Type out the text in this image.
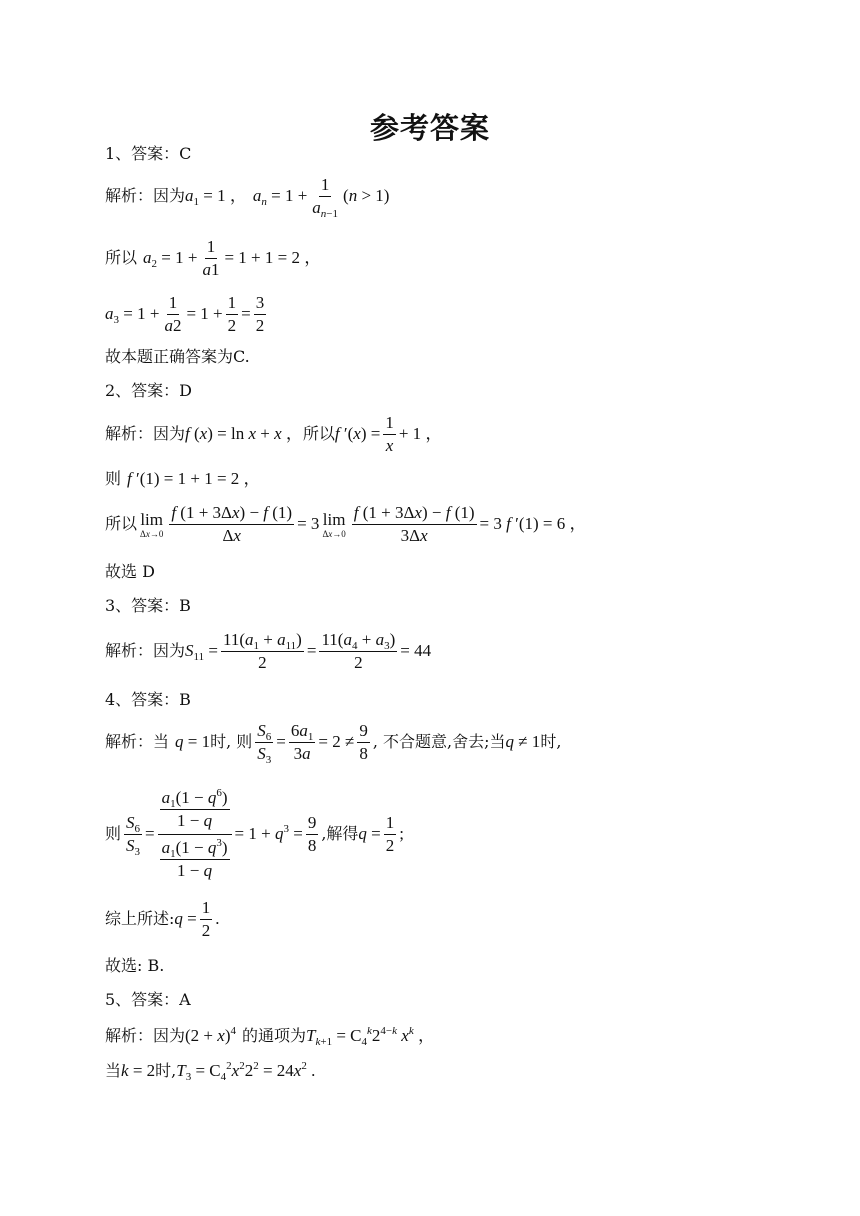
参考答案
1、答案：C
解析：因为 $a_1 = 1$ ， $a_n = 1 + \frac{1}{a_{n-1}} (n > 1)$
所以 $a_2 = 1 + \frac{1}{a1} = 1 + 1 = 2$ ，
$a_3 = 1 + \frac{1}{a2} = 1 + \frac{1}{2} = \frac{3}{2}$
故本题正确答案为C.
2、答案：D
解析：因为 f (x) = ln x + x ， 所以 f $'(x) = \frac{1}{x} + 1$ ，
则 f ′(1) = 1 + 1 = 2 ，
所以 lim
$\Delta x\to 0 \frac{f (1 + 3\Delta x) - f (1)}{\Delta x} = 3$ lim
$\Delta x\to 0 \frac{f (1 + 3\Delta x) - f (1)}{3\Delta x} = 3$ f ′(1) = 6 ，
故选 D
3、答案：B
解析：因为 $S_{11} = \frac{11(a_1 + a_{11})}{2} = \frac{11(a_4 + a_3)}{2} = 44$
4、答案：B
解析：当 q = 1 时, 则 $\frac{S_6}{S_3} = \frac{6a_1}{3a} = 2 \ne \frac{9}{8}$ , 不合题意,舍去;当 q ≠ 1 时,
则 $\frac{S_6}{S_3} = \frac{\frac{a_1(1 - q^6)}{1 - q}}{\frac{a_1(1 - q^3)}{1 - q}} = 1 + q^3 = \frac{9}{8}$ ,解得 $q = \frac{1}{2}$ ;
综上所述: $q = \frac{1}{2}$ .
故选: B.
5、答案：A
解析：因为 $(2 + x)^4$ 的通项为 $T_{k+1} = C_4^k2^{4-k}$ $x^k$ ，
当 k = 2 时, $T_3 = C_4^2x^22^2 = 24x^2$ .
